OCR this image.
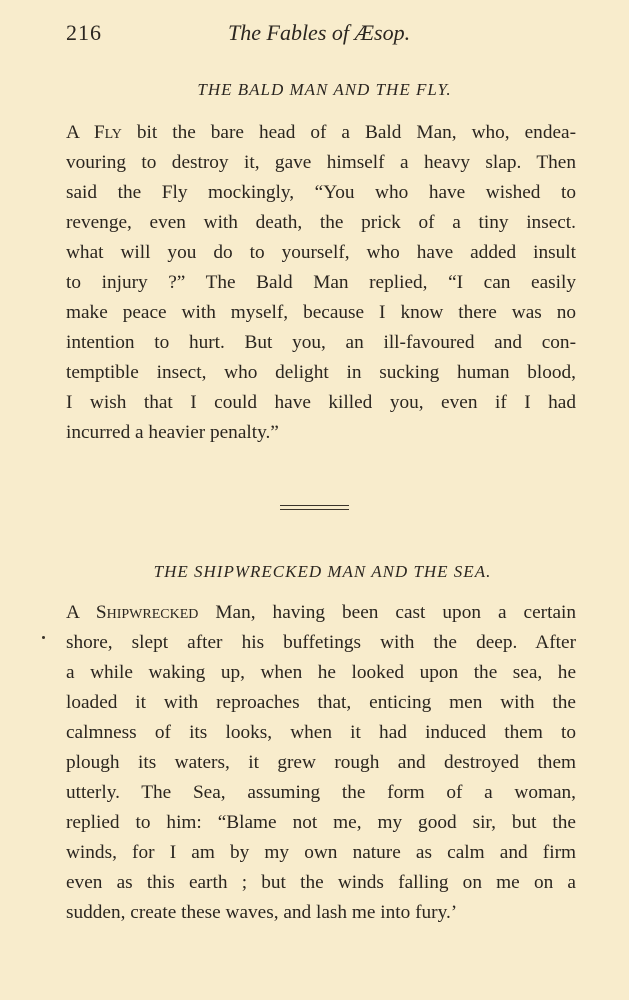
216	The Fables of Æsop.
THE BALD MAN AND THE FLY.
A Fly bit the bare head of a Bald Man, who, endea-
vouring to destroy it, gave himself a heavy slap. Then
said the Fly mockingly, “You who have wished to
revenge, even with death, the prick of a tiny insect.
what will you do to yourself, who have added insult
to injury ?” The Bald Man replied, “I can easily
make peace with myself, because I know there was no
intention to hurt. But you, an ill-favoured and con-
temptible insect, who delight in sucking human blood,
I wish that I could have killed you, even if I had
incurred a heavier penalty.”
THE SHIPWRECKED MAN AND THE SEA.
A Shipwrecked Man, having been cast upon a certain
shore, slept after his buffetings with the deep. After
a while waking up, when he looked upon the sea, he
loaded it with reproaches that, enticing men with the
calmness of its looks, when it had induced them to
plough its waters, it grew rough and destroyed them
utterly. The Sea, assuming the form of a woman,
replied to him: “Blame not me, my good sir, but the
winds, for I am by my own nature as calm and firm
even as this earth ; but the winds falling on me on a
sudden, create these waves, and lash me into fury.’
